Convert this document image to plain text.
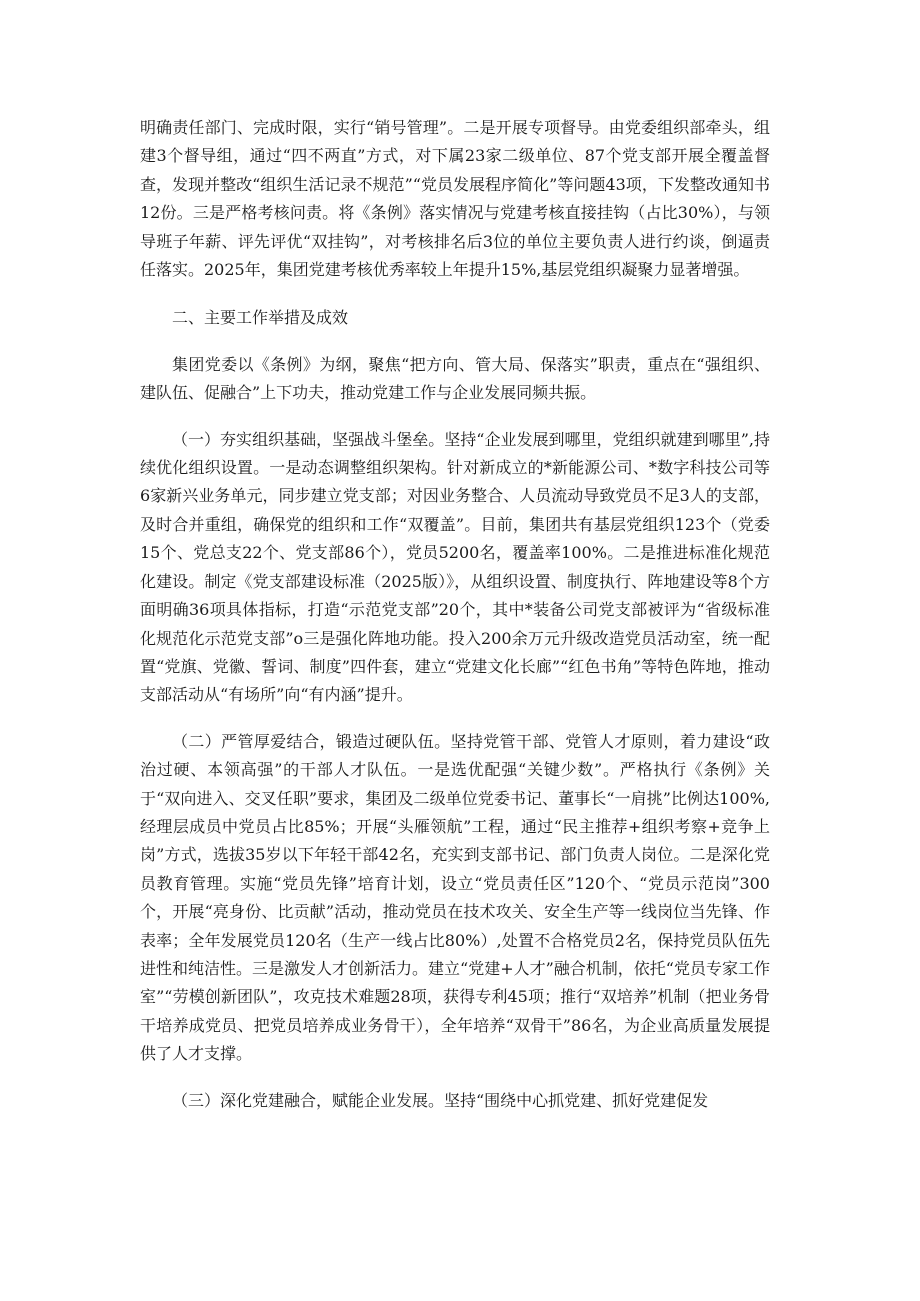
明确责任部门、完成时限，实行“销号管理”。二是开展专项督导。由党委组织部牵头，组建3个督导组，通过“四不两直”方式，对下属23家二级单位、87个党支部开展全覆盖督查，发现并整改“组织生活记录不规范”“党员发展程序简化”等问题43项，下发整改通知书12份。三是严格考核问责。将《条例》落实情况与党建考核直接挂钩（占比30%），与领导班子年薪、评先评优“双挂钩”，对考核排名后3位的单位主要负责人进行约谈，倒逼责任落实。2025年，集团党建考核优秀率较上年提升15%,基层党组织凝聚力显著增强。

二、主要工作举措及成效

集团党委以《条例》为纲，聚焦“把方向、管大局、保落实”职责，重点在“强组织、建队伍、促融合”上下功夫，推动党建工作与企业发展同频共振。

（一）夯实组织基础，坚强战斗堡垒。坚持“企业发展到哪里，党组织就建到哪里”,持续优化组织设置。一是动态调整组织架构。针对新成立的*新能源公司、*数字科技公司等6家新兴业务单元，同步建立党支部；对因业务整合、人员流动导致党员不足3人的支部，及时合并重组，确保党的组织和工作“双覆盖”。目前，集团共有基层党组织123个（党委15个、党总支22个、党支部86个），党员5200名，覆盖率100%。二是推进标准化规范化建设。制定《党支部建设标准（2025版）》，从组织设置、制度执行、阵地建设等8个方面明确36项具体指标，打造“示范党支部”20个，其中*装备公司党支部被评为“省级标准化规范化示范党支部”o三是强化阵地功能。投入200余万元升级改造党员活动室，统一配置“党旗、党徽、誓词、制度”四件套，建立“党建文化长廊”“红色书角”等特色阵地，推动支部活动从“有场所”向“有内涵”提升。

（二）严管厚爱结合，锻造过硬队伍。坚持党管干部、党管人才原则，着力建设“政治过硬、本领高强”的干部人才队伍。一是选优配强“关键少数”。严格执行《条例》关于“双向进入、交叉任职”要求，集团及二级单位党委书记、董事长“一肩挑”比例达100%,经理层成员中党员占比85%；开展“头雁领航”工程，通过“民主推荐+组织考察+竞争上岗”方式，选拔35岁以下年轻干部42名，充实到支部书记、部门负责人岗位。二是深化党员教育管理。实施“党员先锋”培育计划，设立“党员责任区”120个、“党员示范岗”300个，开展“亮身份、比贡献”活动，推动党员在技术攻关、安全生产等一线岗位当先锋、作表率；全年发展党员120名（生产一线占比80%）,处置不合格党员2名，保持党员队伍先进性和纯洁性。三是激发人才创新活力。建立“党建+人才”融合机制，依托“党员专家工作室”“劳模创新团队”，攻克技术难题28项，获得专利45项；推行“双培养”机制（把业务骨干培养成党员、把党员培养成业务骨干），全年培养“双骨干”86名，为企业高质量发展提供了人才支撑。

（三）深化党建融合，赋能企业发展。坚持“围绕中心抓党建、抓好党建促发
